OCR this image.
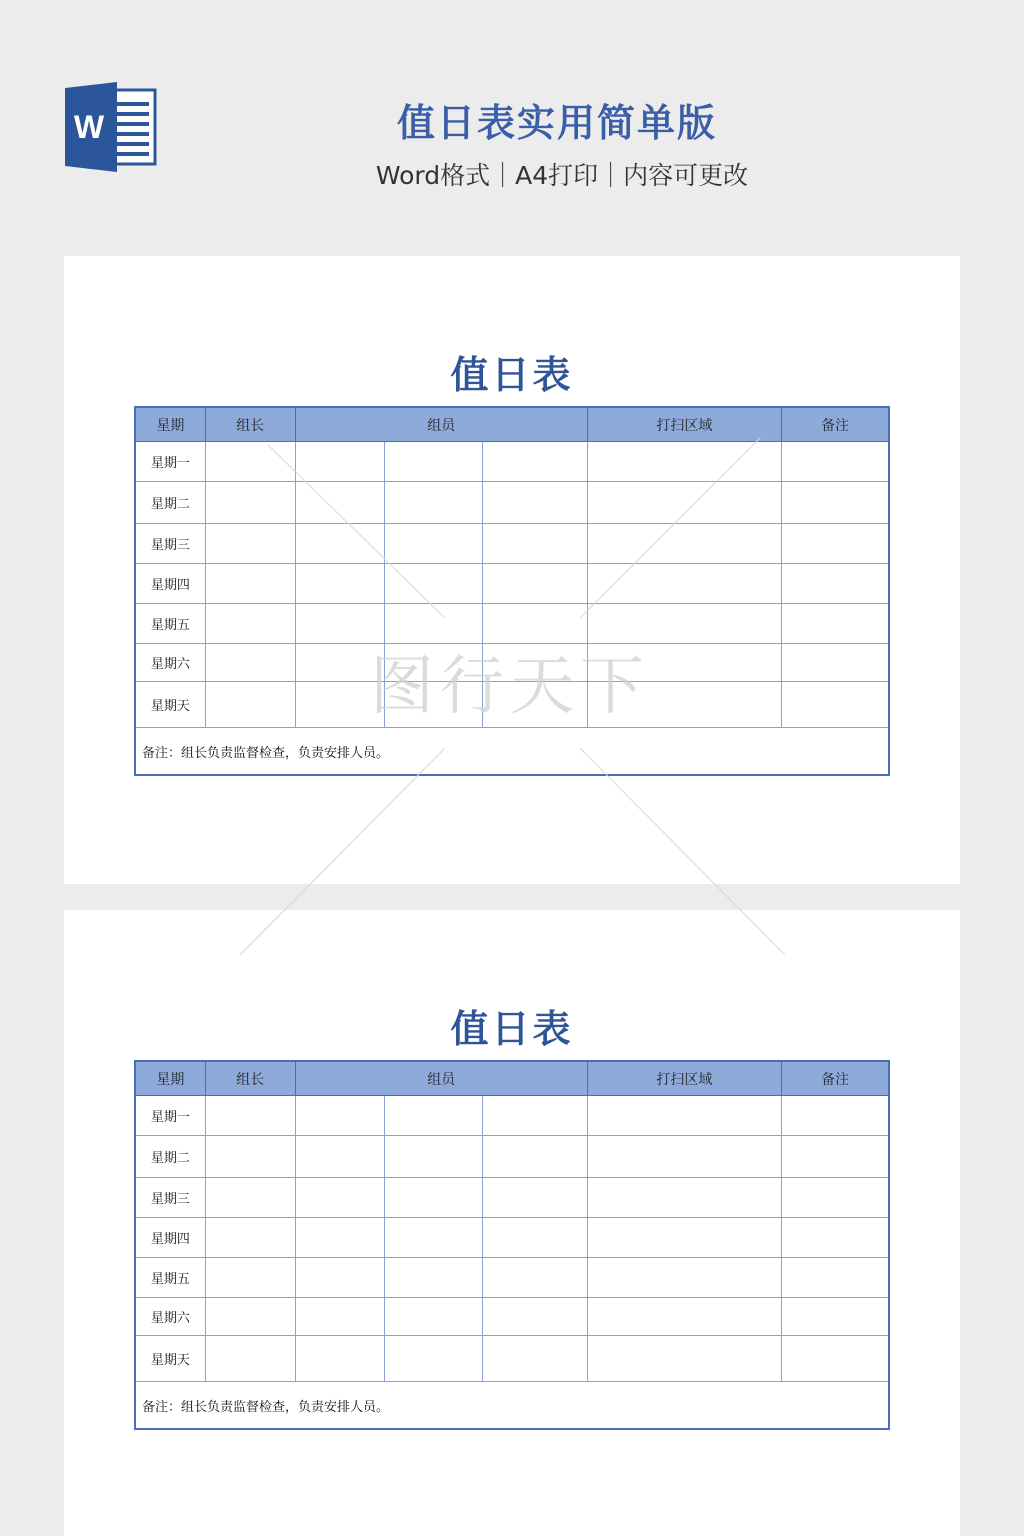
W	值日表实用简单版
Word格式｜A4打印｜内容可更改
值日表
星期	组长	组员			打扫区域	备注
星期一						
星期二						
星期三						
星期四						
星期五						
星期六						
星期天						
备注：组长负责监督检查，负责安排人员。						
值日表
星期	组长	组员			打扫区域	备注
星期一						
星期二						
星期三						
星期四						
星期五						
星期六						
星期天						
备注：组长负责监督检查，负责安排人员。						
图行天下
